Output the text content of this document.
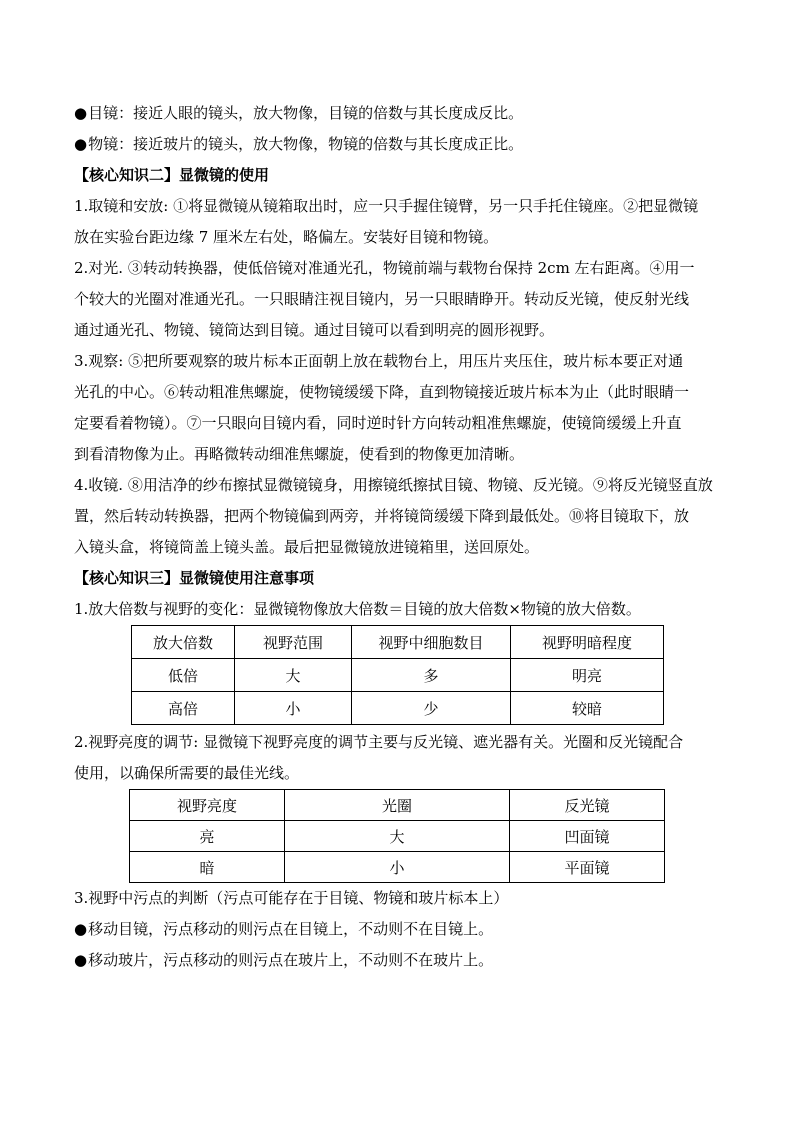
●目镜：接近人眼的镜头，放大物像，目镜的倍数与其长度成反比。
●物镜：接近玻片的镜头，放大物像，物镜的倍数与其长度成正比。
【核心知识二】显微镜的使用
1.取镜和安放: ①将显微镜从镜箱取出时，应一只手握住镜臂，另一只手托住镜座。②把显微镜
放在实验台距边缘 7 厘米左右处，略偏左。安装好目镜和物镜。
2.对光. ③转动转换器，使低倍镜对准通光孔，物镜前端与载物台保持 2cm 左右距离。④用一
个较大的光圈对准通光孔。一只眼睛注视目镜内，另一只眼睛睁开。转动反光镜，使反射光线
通过通光孔、物镜、镜筒达到目镜。通过目镜可以看到明亮的圆形视野。
3.观察: ⑤把所要观察的玻片标本正面朝上放在载物台上，用压片夹压住，玻片标本要正对通
光孔的中心。⑥转动粗准焦螺旋，使物镜缓缓下降，直到物镜接近玻片标本为止（此时眼睛一
定要看着物镜）。⑦一只眼向目镜内看，同时逆时针方向转动粗准焦螺旋，使镜筒缓缓上升直
到看清物像为止。再略微转动细准焦螺旋，使看到的物像更加清晰。
4.收镜. ⑧用洁净的纱布擦拭显微镜镜身，用擦镜纸擦拭目镜、物镜、反光镜。⑨将反光镜竖直放
置，然后转动转换器，把两个物镜偏到两旁，并将镜筒缓缓下降到最低处。⑩将目镜取下，放
入镜头盒，将镜筒盖上镜头盖。最后把显微镜放进镜箱里，送回原处。
【核心知识三】显微镜使用注意事项
1.放大倍数与视野的变化：显微镜物像放大倍数＝目镜的放大倍数×物镜的放大倍数。
放大倍数	视野范围	视野中细胞数目	视野明暗程度
低倍	大	多	明亮
高倍	小	少	较暗
2.视野亮度的调节: 显微镜下视野亮度的调节主要与反光镜、遮光器有关。光圈和反光镜配合
使用，以确保所需要的最佳光线。
视野亮度	光圈	反光镜
亮	大	凹面镜
暗	小	平面镜
3.视野中污点的判断（污点可能存在于目镜、物镜和玻片标本上）
●移动目镜，污点移动的则污点在目镜上，不动则不在目镜上。
●移动玻片，污点移动的则污点在玻片上，不动则不在玻片上。
